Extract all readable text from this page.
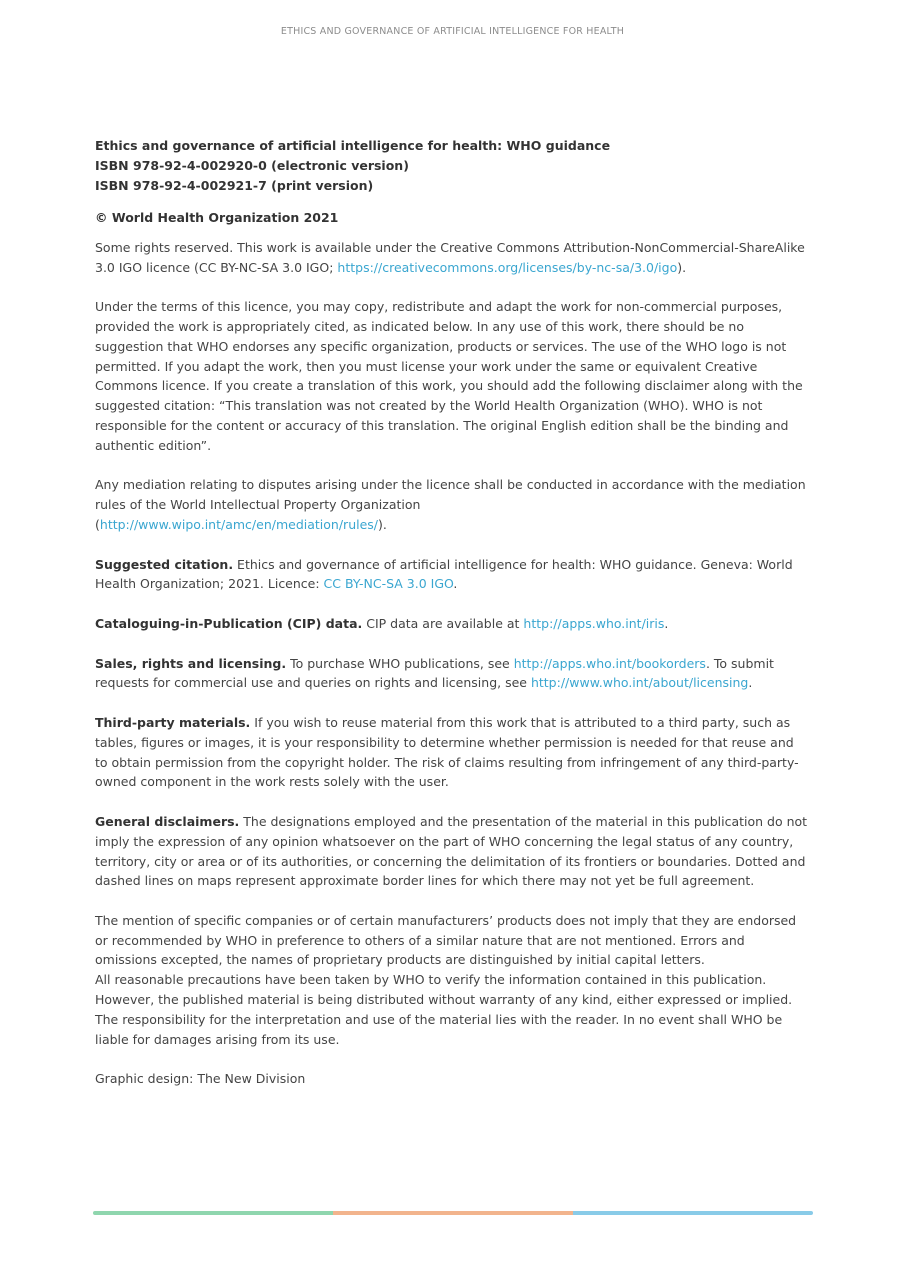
ETHICS AND GOVERNANCE OF ARTIFICIAL INTELLIGENCE FOR HEALTH

Ethics and governance of artificial intelligence for health: WHO guidance
ISBN 978-92-4-002920-0 (electronic version)
ISBN 978-92-4-002921-7 (print version)

© World Health Organization 2021

Some rights reserved. This work is available under the Creative Commons Attribution-NonCommercial-ShareAlike 3.0 IGO licence (CC BY-NC-SA 3.0 IGO; https://creativecommons.org/licenses/by-nc-sa/3.0/igo).

Under the terms of this licence, you may copy, redistribute and adapt the work for non-commercial purposes, provided the work is appropriately cited, as indicated below. In any use of this work, there should be no suggestion that WHO endorses any specific organization, products or services. The use of the WHO logo is not permitted. If you adapt the work, then you must license your work under the same or equivalent Creative Commons licence. If you create a translation of this work, you should add the following disclaimer along with the suggested citation: “This translation was not created by the World Health Organization (WHO). WHO is not responsible for the content or accuracy of this translation. The original English edition shall be the binding and authentic edition”.

Any mediation relating to disputes arising under the licence shall be conducted in accordance with the mediation rules of the World Intellectual Property Organization
(http://www.wipo.int/amc/en/mediation/rules/).

Suggested citation. Ethics and governance of artificial intelligence for health: WHO guidance. Geneva: World Health Organization; 2021. Licence: CC BY-NC-SA 3.0 IGO.

Cataloguing-in-Publication (CIP) data. CIP data are available at http://apps.who.int/iris.

Sales, rights and licensing. To purchase WHO publications, see http://apps.who.int/bookorders. To submit requests for commercial use and queries on rights and licensing, see http://www.who.int/about/licensing.

Third-party materials. If you wish to reuse material from this work that is attributed to a third party, such as tables, figures or images, it is your responsibility to determine whether permission is needed for that reuse and to obtain permission from the copyright holder. The risk of claims resulting from infringement of any third-party-owned component in the work rests solely with the user.

General disclaimers. The designations employed and the presentation of the material in this publication do not imply the expression of any opinion whatsoever on the part of WHO concerning the legal status of any country, territory, city or area or of its authorities, or concerning the delimitation of its frontiers or boundaries. Dotted and dashed lines on maps represent approximate border lines for which there may not yet be full agreement.

The mention of specific companies or of certain manufacturers’ products does not imply that they are endorsed or recommended by WHO in preference to others of a similar nature that are not mentioned. Errors and omissions excepted, the names of proprietary products are distinguished by initial capital letters.
All reasonable precautions have been taken by WHO to verify the information contained in this publication. However, the published material is being distributed without warranty of any kind, either expressed or implied. The responsibility for the interpretation and use of the material lies with the reader. In no event shall WHO be liable for damages arising from its use.

Graphic design: The New Division
